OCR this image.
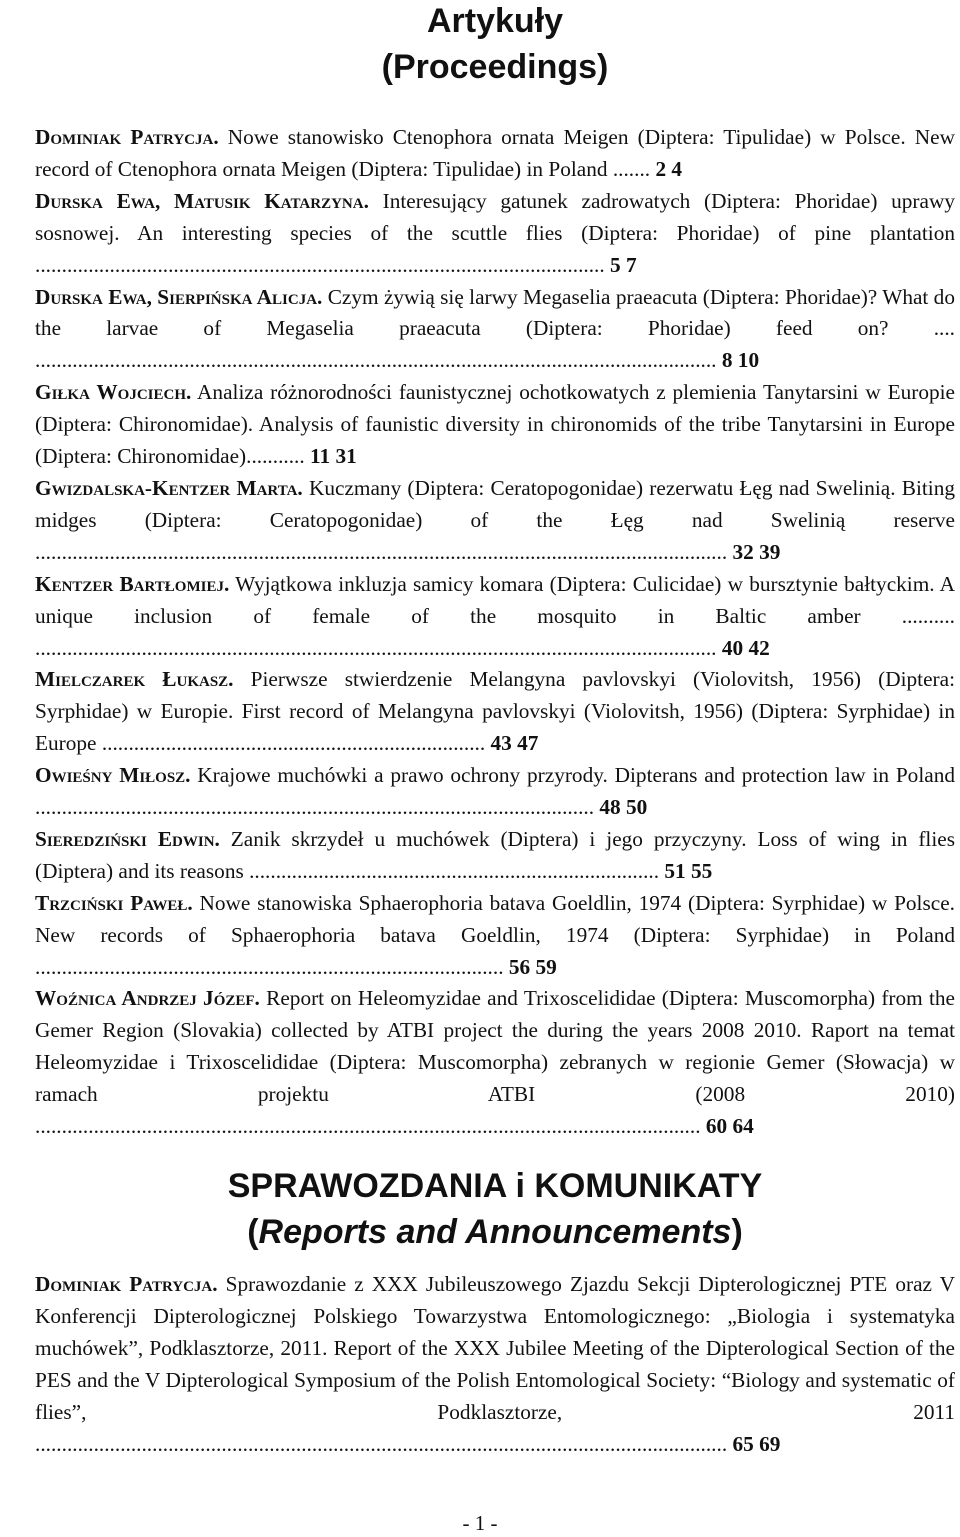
Artykuły

(Proceedings)

Dominiak Patrycja. Nowe stanowisko Ctenophora ornata Meigen (Diptera: Tipulidae) w Polsce. New record of Ctenophora ornata Meigen (Diptera: Tipulidae) in Poland ....... 2 4

Durska Ewa, Matusik Katarzyna. Interesujący gatunek zadrowatych (Diptera: Phoridae) uprawy sosnowej. An interesting species of the scuttle flies (Diptera: Phoridae) of pine plantation ........................................................................................................... 5 7

Durska Ewa, Sierpińska Alicja. Czym żywią się larwy Megaselia praeacuta (Diptera: Phoridae)? What do the larvae of Megaselia praeacuta (Diptera: Phoridae) feed on? .... ................................................................................................................................ 8 10

Giłka Wojciech. Analiza różnorodności faunistycznej ochotkowatych z plemienia Tanytarsini w Europie (Diptera: Chironomidae). Analysis of faunistic diversity in chironomids of the tribe Tanytarsini in Europe (Diptera: Chironomidae)........... 11 31

Gwizdalska-Kentzer Marta. Kuczmany (Diptera: Ceratopogonidae) rezerwatu Łęg nad Swelinią. Biting midges (Diptera: Ceratopogonidae) of the Łęg nad Swelinią reserve .................................................................................................................................. 32 39

Kentzer Bartłomiej. Wyjątkowa inkluzja samicy komara (Diptera: Culicidae) w bursztynie bałtyckim. A unique inclusion of female of the mosquito in Baltic amber .......... ................................................................................................................................ 40 42

Mielczarek Łukasz. Pierwsze stwierdzenie Melangyna pavlovskyi (Violovitsh, 1956) (Diptera: Syrphidae) w Europie. First record of Melangyna pavlovskyi (Violovitsh, 1956) (Diptera: Syrphidae) in Europe ........................................................................ 43 47

Owieśny Miłosz. Krajowe muchówki a prawo ochrony przyrody. Dipterans and protection law in Poland ......................................................................................................... 48 50

Sieredziński Edwin. Zanik skrzydeł u muchówek (Diptera) i jego przyczyny. Loss of wing in flies (Diptera) and its reasons ............................................................................. 51 55

Trzciński Paweł. Nowe stanowiska Sphaerophoria batava Goeldlin, 1974 (Diptera: Syrphidae) w Polsce. New records of Sphaerophoria batava Goeldlin, 1974 (Diptera: Syrphidae) in Poland ........................................................................................ 56 59

Woźnica Andrzej Józef. Report on Heleomyzidae and Trixoscelididae (Diptera: Muscomorpha) from the Gemer Region (Slovakia) collected by ATBI project the during the years 2008 2010. Raport na temat Heleomyzidae i Trixoscelididae (Diptera: Muscomorpha) zebranych w regionie Gemer (Słowacja) w ramach projektu ATBI (2008 2010) ............................................................................................................................. 60 64

SPRAWOZDANIA i KOMUNIKATY

(Reports and Announcements)

Dominiak Patrycja. Sprawozdanie z XXX Jubileuszowego Zjazdu Sekcji Dipterologicznej PTE oraz V Konferencji Dipterologicznej Polskiego Towarzystwa Entomologicznego: „Biologia i systematyka muchówek”, Podklasztorze, 2011. Report of the XXX Jubilee Meeting of the Dipterological Section of the PES and the V Dipterological Symposium of the Polish Entomological Society: “Biology and systematic of flies”, Podklasztorze, 2011 .................................................................................................................................. 65 69

- 1 -
